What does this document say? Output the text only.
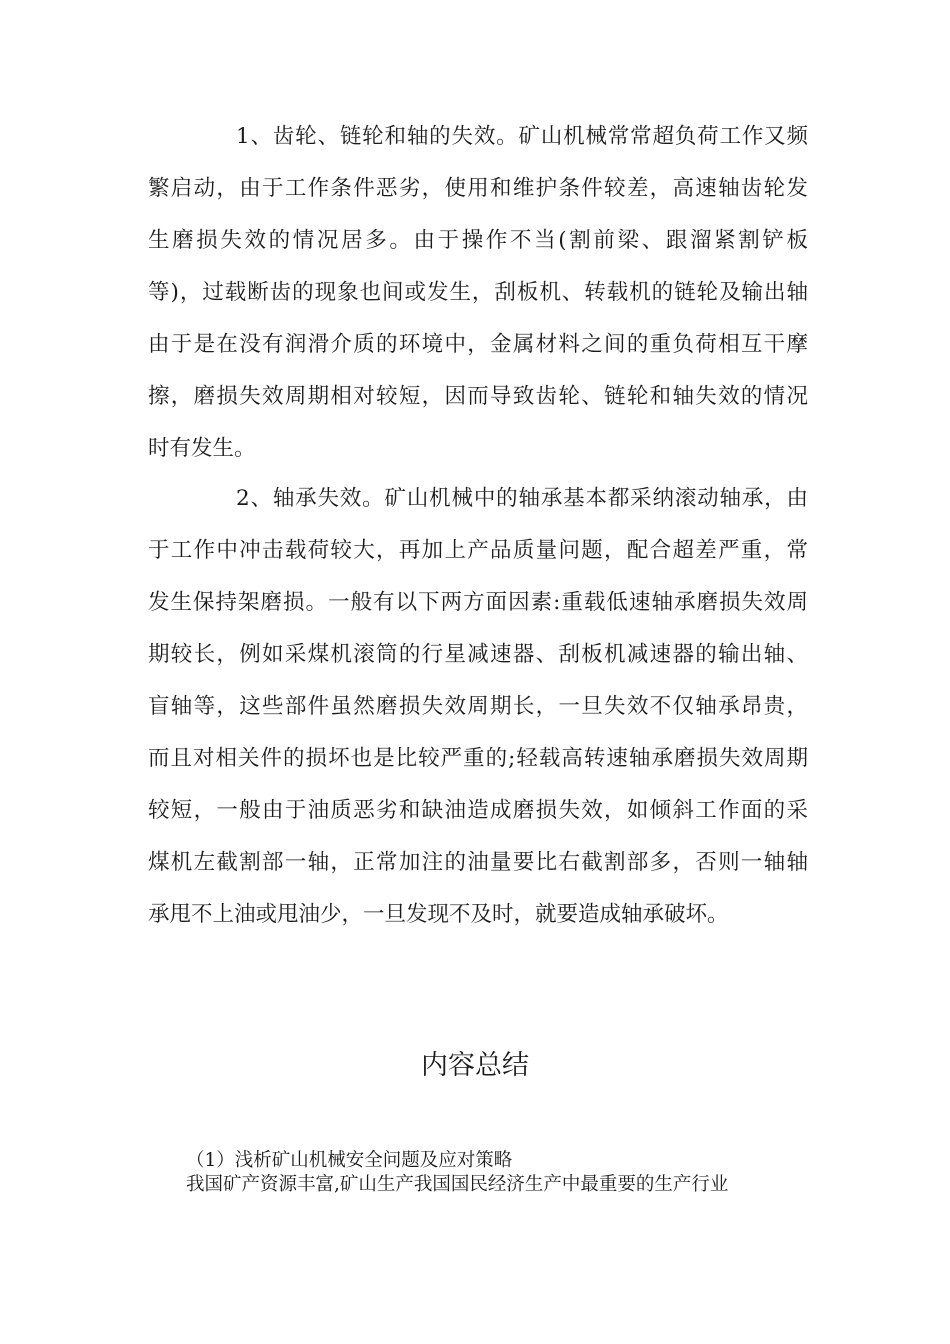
1、齿轮、链轮和轴的失效。矿山机械常常超负荷工作又频
繁启动，由于工作条件恶劣，使用和维护条件较差，高速轴齿轮发
生磨损失效的情况居多。由于操作不当(割前梁、跟溜紧割铲板
等)，过载断齿的现象也间或发生，刮板机、转载机的链轮及输出轴
由于是在没有润滑介质的环境中，金属材料之间的重负荷相互干摩
擦，磨损失效周期相对较短，因而导致齿轮、链轮和轴失效的情况
时有发生。
2、轴承失效。矿山机械中的轴承基本都采纳滚动轴承，由
于工作中冲击载荷较大，再加上产品质量问题，配合超差严重，常
发生保持架磨损。一般有以下两方面因素:重载低速轴承磨损失效周
期较长，例如采煤机滚筒的行星减速器、刮板机减速器的输出轴、
盲轴等，这些部件虽然磨损失效周期长，一旦失效不仅轴承昂贵，
而且对相关件的损坏也是比较严重的;轻载高转速轴承磨损失效周期
较短，一般由于油质恶劣和缺油造成磨损失效，如倾斜工作面的采
煤机左截割部一轴，正常加注的油量要比右截割部多，否则一轴轴
承甩不上油或甩油少，一旦发现不及时，就要造成轴承破坏。
内容总结
（1）浅析矿山机械安全问题及应对策略
我国矿产资源丰富,矿山生产我国国民经济生产中最重要的生产行业
